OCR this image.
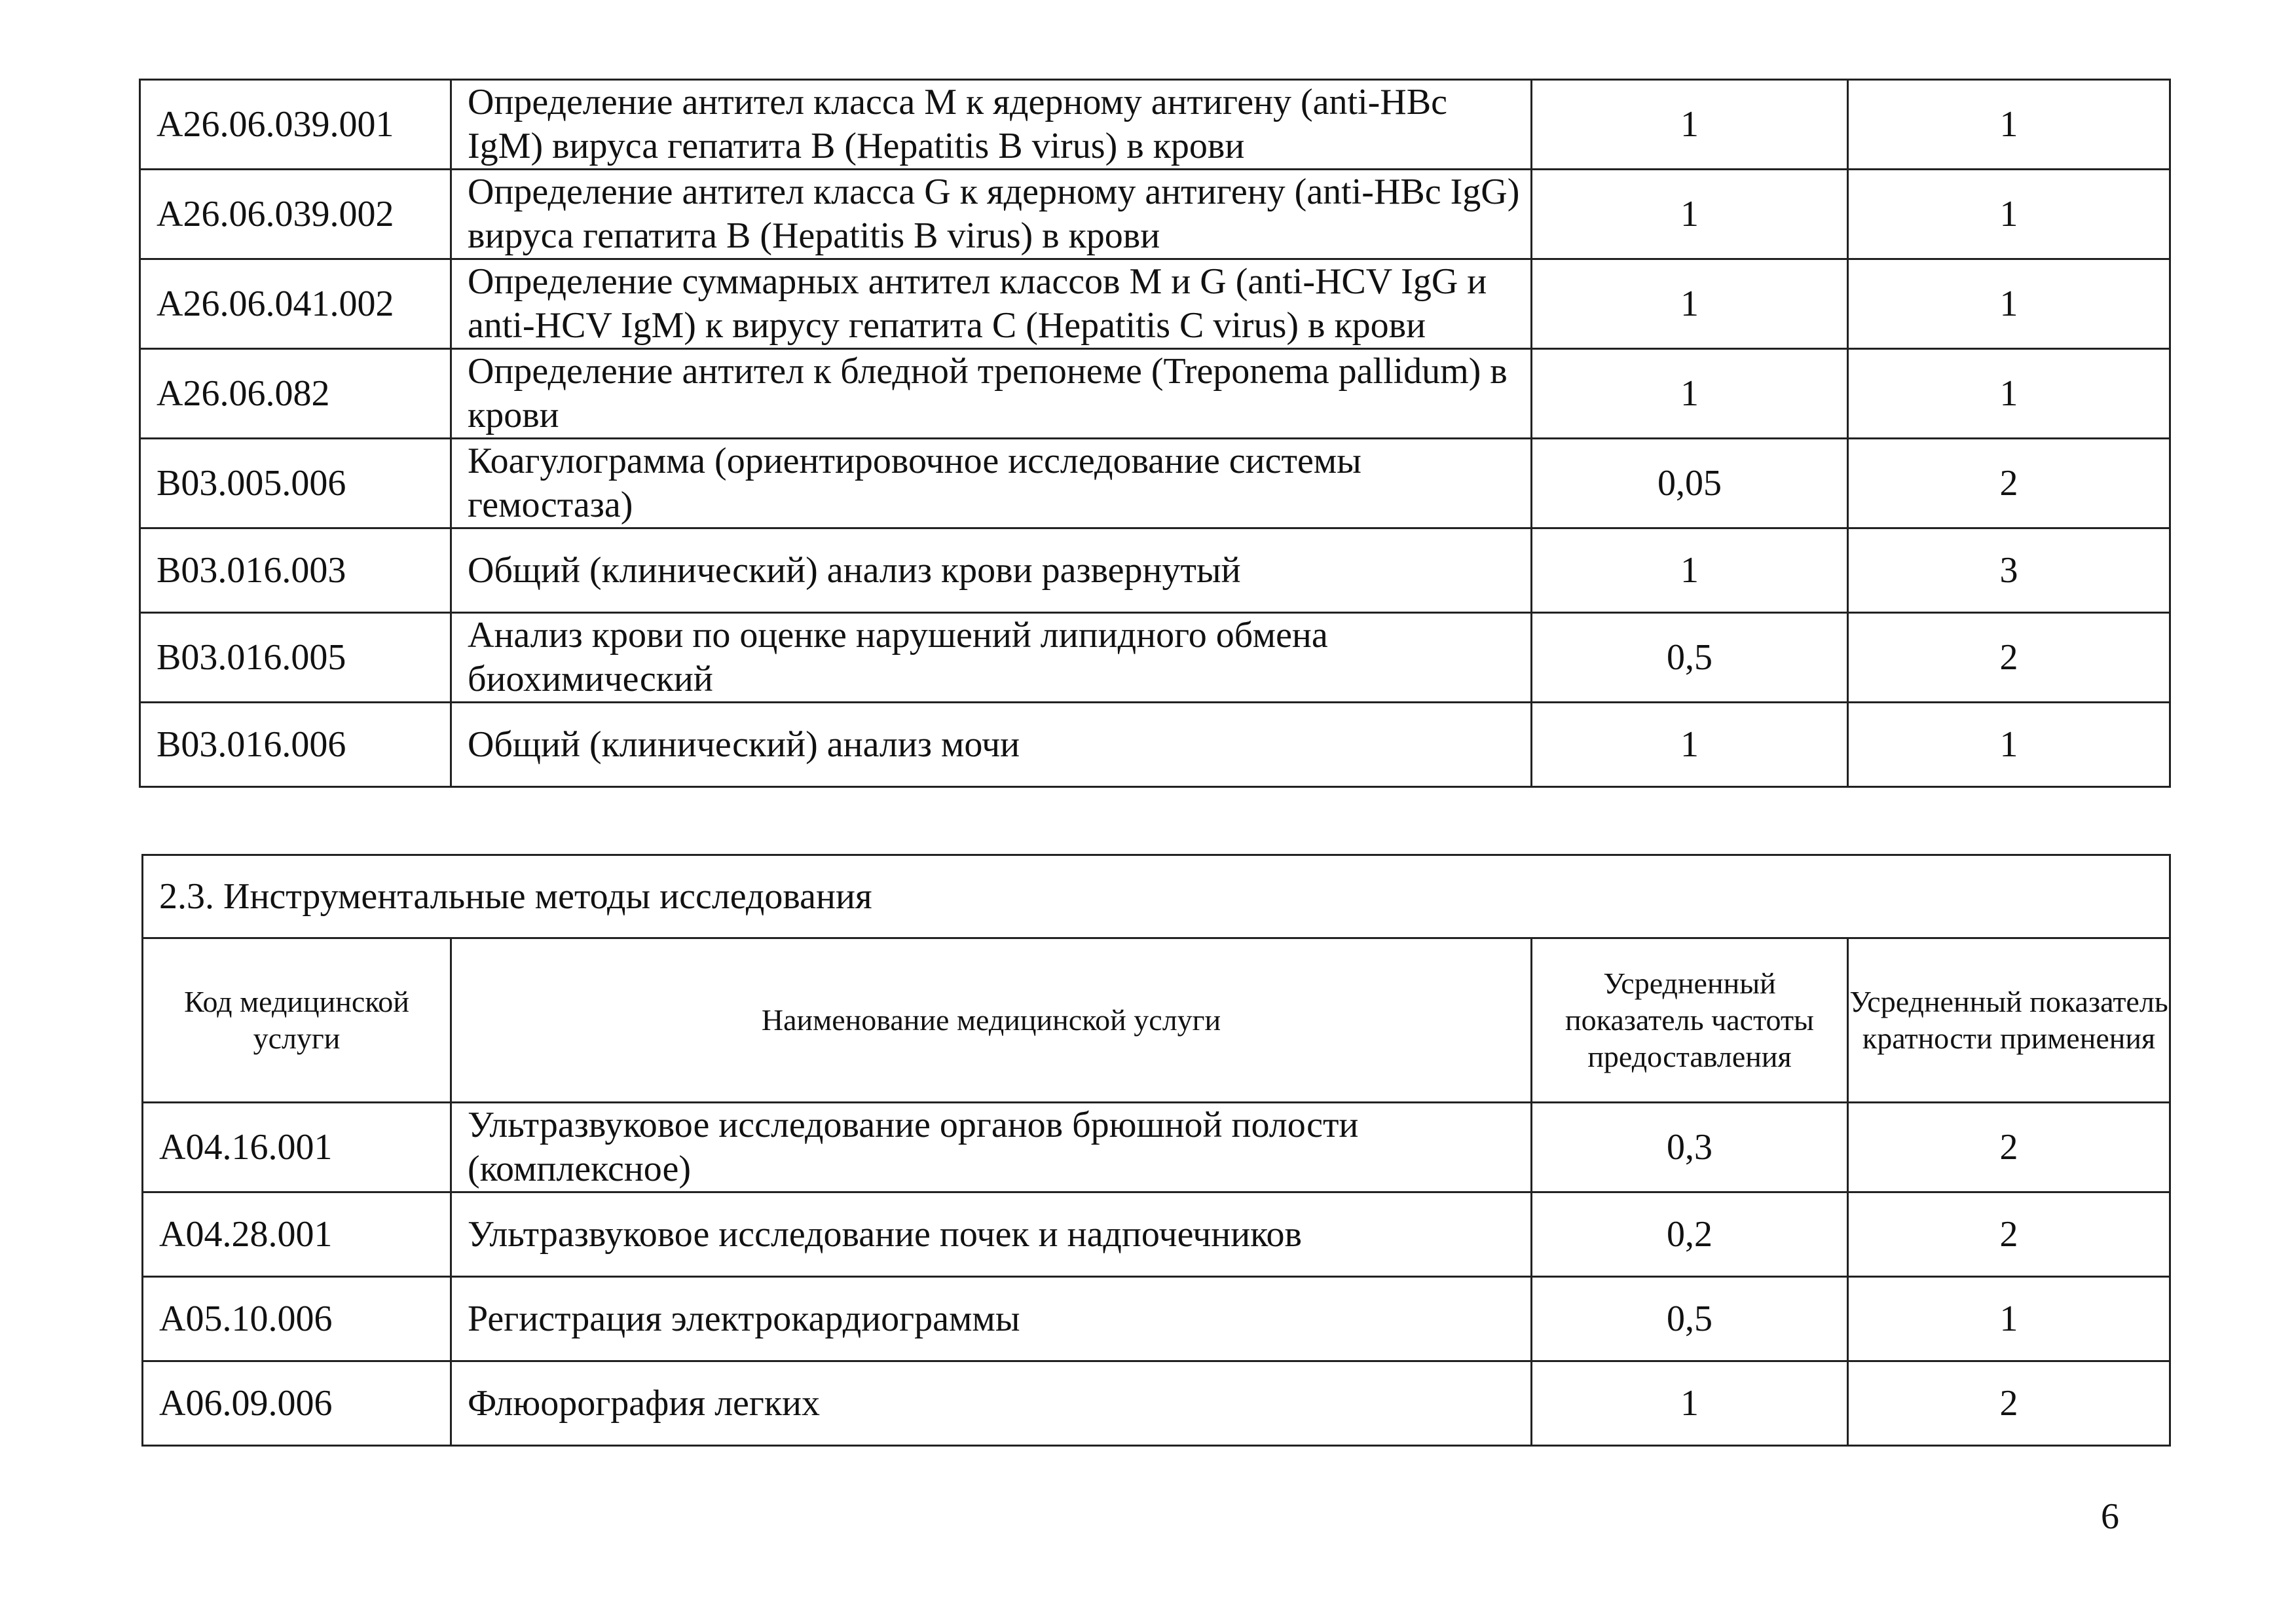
А26.06.039.001	Определение антител класса M к ядерному антигену (anti-HBc IgM) вируса гепатита B (Hepatitis B virus) в крови	1	1
А26.06.039.002	Определение антител класса G к ядерному антигену (anti-HBc IgG) вируса гепатита B (Hepatitis B virus) в крови	1	1
А26.06.041.002	Определение суммарных антител классов M и G (anti-HCV IgG и anti-HCV IgM) к вирусу гепатита C (Hepatitis C virus) в крови	1	1
А26.06.082	Определение антител к бледной трепонеме (Treponema pallidum) в крови	1	1
В03.005.006	Коагулограмма (ориентировочное исследование системы гемостаза)	0,05	2
В03.016.003	Общий (клинический) анализ крови развернутый	1	3
В03.016.005	Анализ крови по оценке нарушений липидного обмена биохимический	0,5	2
В03.016.006	Общий (клинический) анализ мочи	1	1
2.3. Инструментальные методы исследования			
Код медицинской услуги	Наименование медицинской услуги	Усредненный показатель частоты предоставления	Усредненный показатель кратности применения
А04.16.001	Ультразвуковое исследование органов брюшной полости (комплексное)	0,3	2
А04.28.001	Ультразвуковое исследование почек и надпочечников	0,2	2
А05.10.006	Регистрация электрокардиограммы	0,5	1
А06.09.006	Флюорография легких	1	2
6
